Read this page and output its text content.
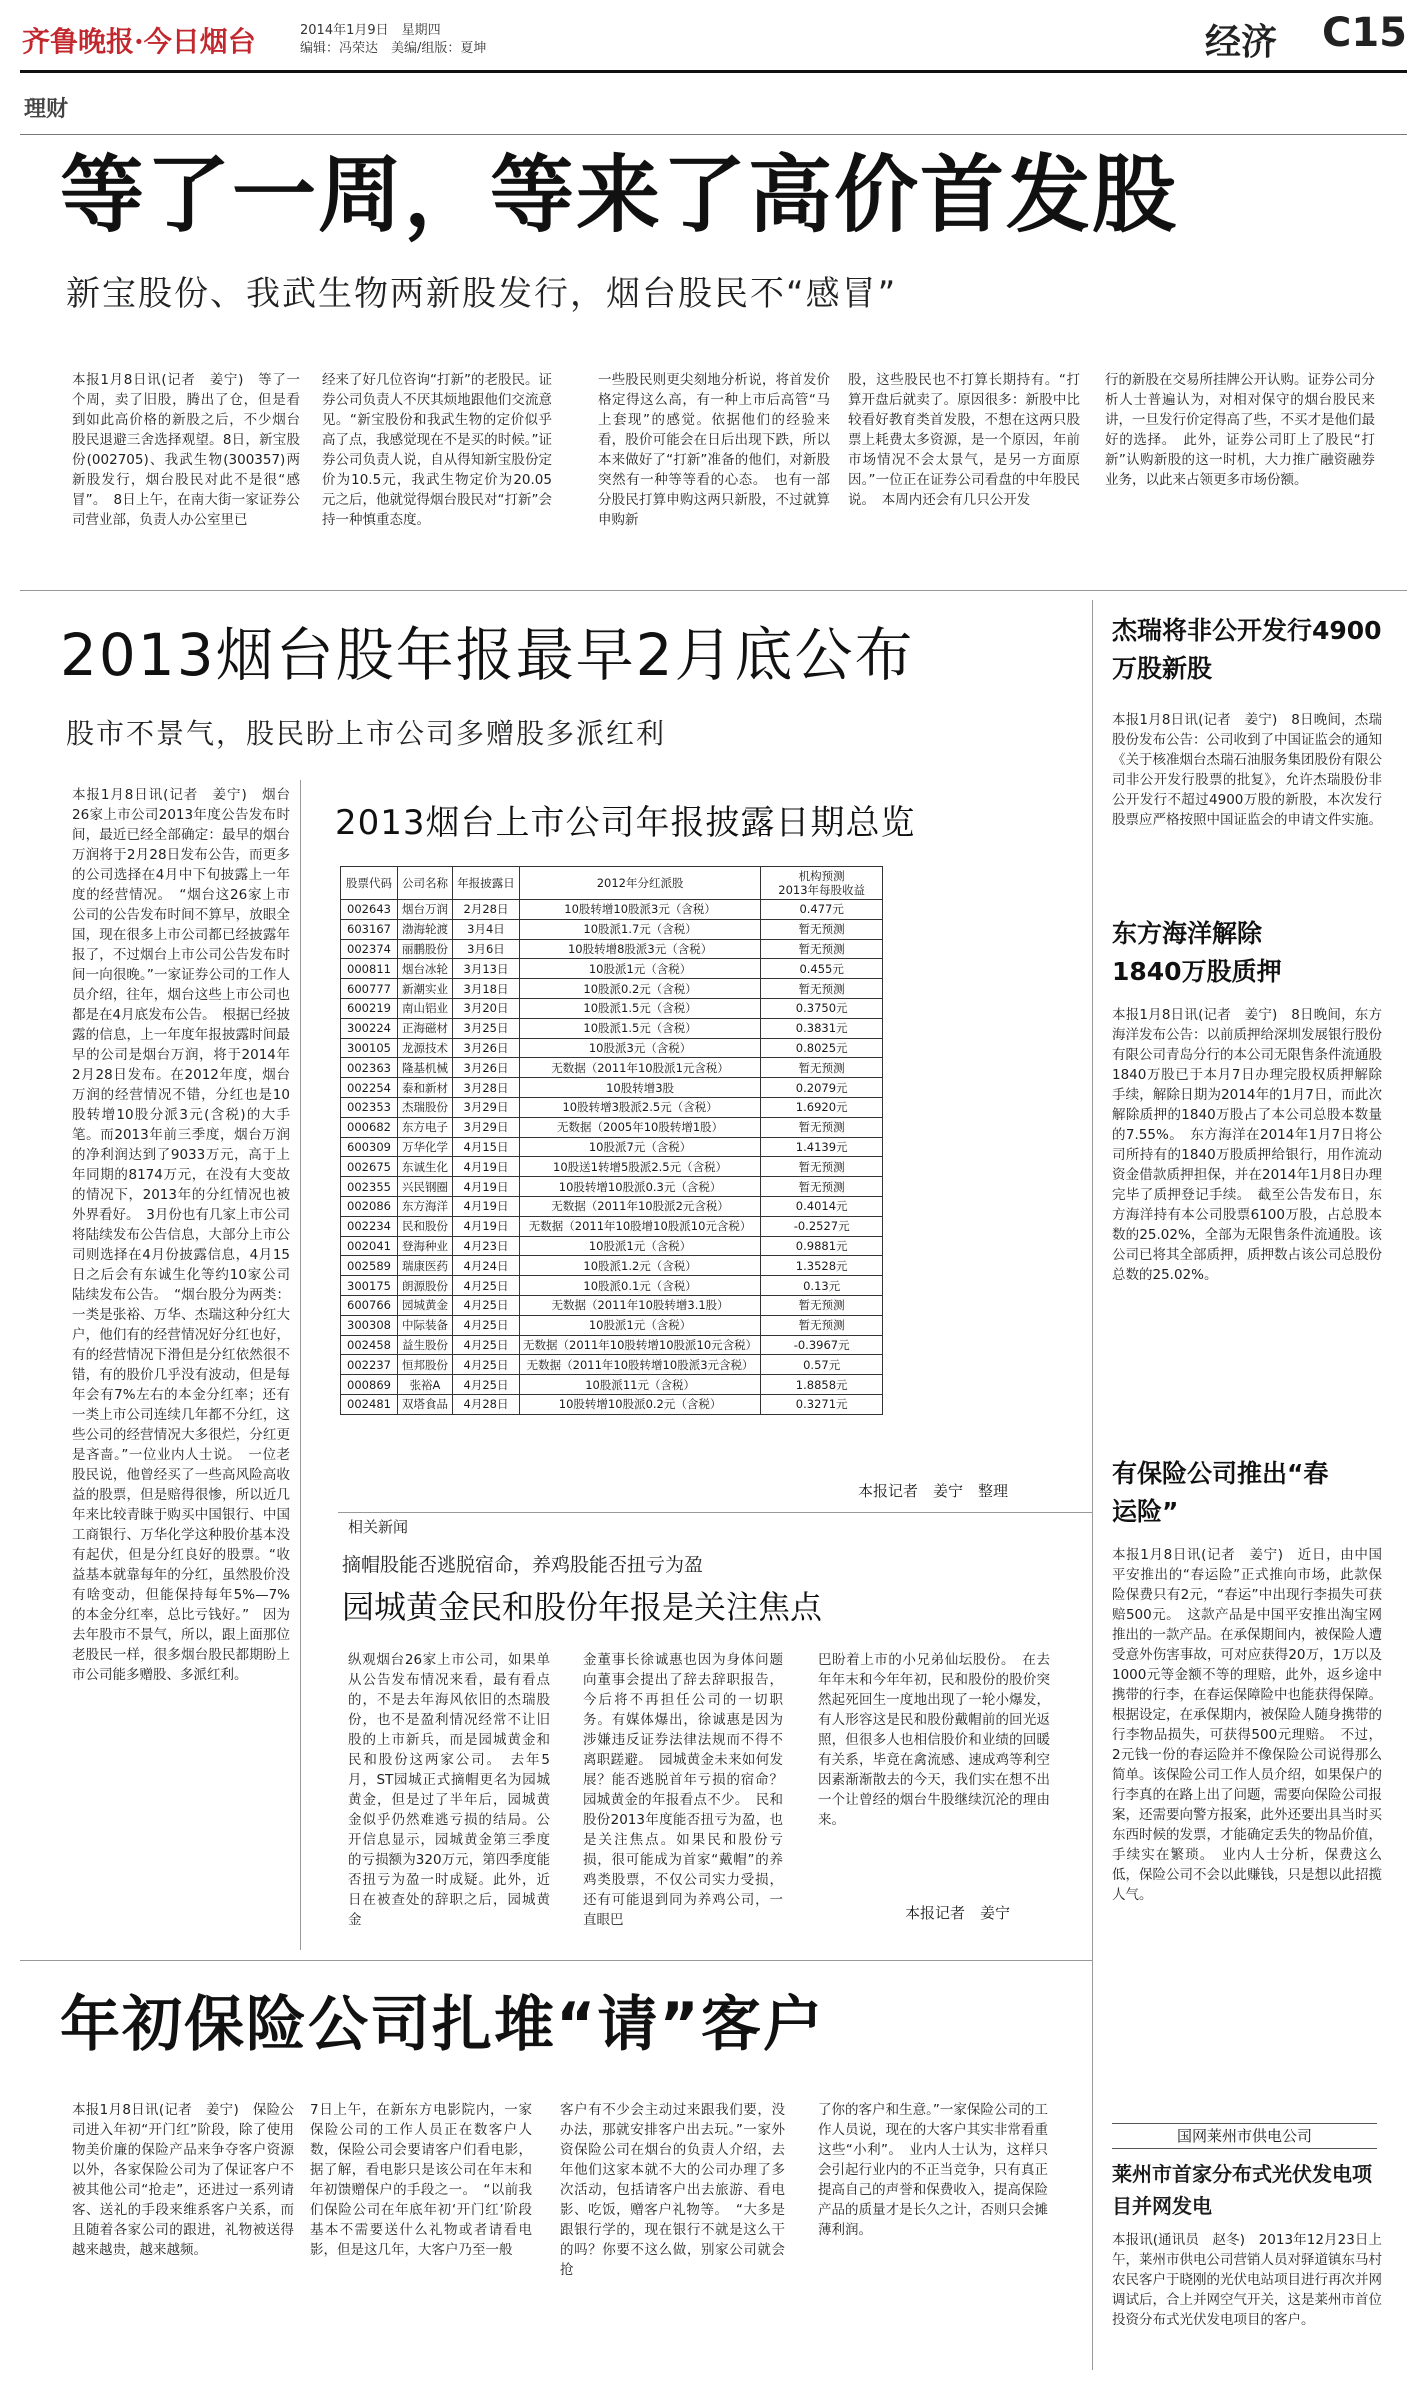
齐鲁晚报·今日烟台	2014年1月9日　星期四
编辑：冯荣达　美编/组版：夏坤	经济 C15
理财
等了一周，等来了高价首发股
新宝股份、我武生物两新股发行，烟台股民不“感冒”
本报1月8日讯(记者　姜宁)　等了一个周，卖了旧股，腾出了仓，但是看到如此高价格的新股之后，不少烟台股民退避三舍选择观望。8日，新宝股份(002705)、我武生物(300357)两新股发行，烟台股民对此不是很“感冒”。　8日上午，在南大街一家证券公司营业部，负责人办公室里已
经来了好几位咨询“打新”的老股民。证券公司负责人不厌其烦地跟他们交流意见。“新宝股份和我武生物的定价似乎高了点，我感觉现在不是买的时候。”证券公司负责人说，自从得知新宝股份定价为10.5元，我武生物定价为20.05元之后，他就觉得烟台股民对“打新”会持一种慎重态度。
一些股民则更尖刻地分析说，将首发价格定得这么高，有一种上市后高管“马上套现”的感觉。依据他们的经验来看，股价可能会在日后出现下跌，所以本来做好了“打新”准备的他们，对新股突然有一种等等看的心态。　也有一部分股民打算申购这两只新股，不过就算申购新
股，这些股民也不打算长期持有。“打算开盘后就卖了。原因很多：新股中比较看好教育类首发股，不想在这两只股票上耗费太多资源，是一个原因，年前市场情况不会太景气，是另一方面原因。”一位正在证券公司看盘的中年股民说。　本周内还会有几只公开发
行的新股在交易所挂牌公开认购。证券公司分析人士普遍认为，对相对保守的烟台股民来讲，一旦发行价定得高了些，不买才是他们最好的选择。　此外，证券公司盯上了股民“打新”认购新股的这一时机，大力推广融资融券业务，以此来占领更多市场份额。
2013烟台股年报最早2月底公布
股市不景气，股民盼上市公司多赠股多派红利
本报1月8日讯(记者　姜宁)　烟台26家上市公司2013年度公告发布时间，最近已经全部确定：最早的烟台万润将于2月28日发布公告，而更多的公司选择在4月中下旬披露上一年度的经营情况。　“烟台这26家上市公司的公告发布时间不算早，放眼全国，现在很多上市公司都已经披露年报了，不过烟台上市公司公告发布时间一向很晚。”一家证券公司的工作人员介绍，往年，烟台这些上市公司也都是在4月底发布公告。　根据已经披露的信息，上一年度年报披露时间最早的公司是烟台万润，将于2014年2月28日发布。在2012年度，烟台万润的经营情况不错，分红也是10股转增10股分派3元(含税)的大手笔。而2013年前三季度，烟台万润的净利润达到了9033万元，高于上年同期的8174万元，在没有大变故的情况下，2013年的分红情况也被外界看好。　3月份也有几家上市公司将陆续发布公告信息，大部分上市公司则选择在4月份披露信息，4月15日之后会有东诚生化等约10家公司陆续发布公告。　“烟台股分为两类：一类是张裕、万华、杰瑞这种分红大户，他们有的经营情况好分红也好，有的经营情况下滑但是分红依然很不错，有的股价几乎没有波动，但是每年会有7%左右的本金分红率；还有一类上市公司连续几年都不分红，这些公司的经营情况大多很烂，分红更是吝啬。”一位业内人士说。　一位老股民说，他曾经买了一些高风险高收益的股票，但是赔得很惨，所以近几年来比较青睐于购买中国银行、中国工商银行、万华化学这种股价基本没有起伏，但是分红良好的股票。“收益基本就靠每年的分红，虽然股价没有啥变动，但能保持每年5%—7%的本金分红率，总比亏钱好。”　因为去年股市不景气，所以，跟上面那位老股民一样，很多烟台股民都期盼上市公司能多赠股、多派红利。
2013烟台上市公司年报披露日期总览
股票代码	公司名称	年报披露日	2012年分红派股	机构预测
2013年每股收益
002643	烟台万润	2月28日	10股转增10股派3元（含税）	0.477元
603167	渤海轮渡	3月4日	10股派1.7元（含税）	暂无预测
002374	丽鹏股份	3月6日	10股转增8股派3元（含税）	暂无预测
000811	烟台冰轮	3月13日	10股派1元（含税）	0.455元
600777	新潮实业	3月18日	10股派0.2元（含税）	暂无预测
600219	南山铝业	3月20日	10股派1.5元（含税）	0.3750元
300224	正海磁材	3月25日	10股派1.5元（含税）	0.3831元
300105	龙源技术	3月26日	10股派3元（含税）	0.8025元
002363	隆基机械	3月26日	无数据（2011年10股派1元含税）	暂无预测
002254	泰和新材	3月28日	10股转增3股	0.2079元
002353	杰瑞股份	3月29日	10股转增3股派2.5元（含税）	1.6920元
000682	东方电子	3月29日	无数据（2005年10股转增1股）	暂无预测
600309	万华化学	4月15日	10股派7元（含税）	1.4139元
002675	东诚生化	4月19日	10股送1转增5股派2.5元（含税）	暂无预测
002355	兴民钢圈	4月19日	10股转增10股派0.3元（含税）	暂无预测
002086	东方海洋	4月19日	无数据（2011年10股派2元含税）	0.4014元
002234	民和股份	4月19日	无数据（2011年10股增10股派10元含税）	-0.2527元
002041	登海种业	4月23日	10股派1元（含税）	0.9881元
002589	瑞康医药	4月24日	10股派1.2元（含税）	1.3528元
300175	朗源股份	4月25日	10股派0.1元（含税）	0.13元
600766	园城黄金	4月25日	无数据（2011年10股转增3.1股）	暂无预测
300308	中际装备	4月25日	10股派1元（含税）	暂无预测
002458	益生股份	4月25日	无数据（2011年10股转增10股派10元含税）	-0.3967元
002237	恒邦股份	4月25日	无数据（2011年10股转增10股派3元含税）	0.57元
000869	张裕A	4月25日	10股派11元（含税）	1.8858元
002481	双塔食品	4月28日	10股转增10股派0.2元（含税）	0.3271元
本报记者　姜宁　整理
相关新闻
摘帽股能否逃脱宿命，养鸡股能否扭亏为盈
园城黄金民和股份年报是关注焦点
纵观烟台26家上市公司，如果单从公告发布情况来看，最有看点的，不是去年海风依旧的杰瑞股份，也不是盈利情况经常不让旧股的上市新兵，而是园城黄金和民和股份这两家公司。　去年5月，ST园城正式摘帽更名为园城黄金，但是过了半年后，园城黄金似乎仍然难逃亏损的结局。公开信息显示，园城黄金第三季度的亏损额为320万元，第四季度能否扭亏为盈一时成疑。此外，近日在被查处的辞职之后，园城黄金
金董事长徐诚惠也因为身体问题向董事会提出了辞去辞职报告，今后将不再担任公司的一切职务。有媒体爆出，徐诚惠是因为涉嫌违反证券法律法规而不得不离职蹉避。　园城黄金未来如何发展？能否逃脱首年亏损的宿命？园城黄金的年报看点不少。　民和股份2013年度能否扭亏为盈，也是关注焦点。如果民和股份亏损，很可能成为首家“戴帽”的养鸡类股票，不仅公司实力受损，还有可能退到同为养鸡公司，一直眼巴
巴盼着上市的小兄弟仙坛股份。　在去年年末和今年年初，民和股份的股价突然起死回生一度地出现了一轮小爆发，有人形容这是民和股份戴帽前的回光返照，但很多人也相信股价和业绩的回暖有关系，毕竟在禽流感、速成鸡等利空因素渐渐散去的今天，我们实在想不出一个让曾经的烟台牛股继续沉沦的理由来。
本报记者　姜宁
年初保险公司扎堆“请”客户
本报1月8日讯(记者　姜宁)　保险公司进入年初“开门红”阶段，除了使用物美价廉的保险产品来争夺客户资源以外，各家保险公司为了保证客户不被其他公司“抢走”，还进过一系列请客、送礼的手段来维系客户关系，而且随着各家公司的跟进，礼物被送得越来越贵，越来越频。
7日上午，在新东方电影院内，一家保险公司的工作人员正在数客户人数，保险公司会要请客户们看电影，据了解，看电影只是该公司在年末和年初馈赠保户的手段之一。　“以前我们保险公司在年底年初‘开门红’阶段基本不需要送什么礼物或者请看电影，但是这几年，大客户乃至一般
客户有不少会主动过来跟我们要，没办法，那就安排客户出去玩。”一家外资保险公司在烟台的负责人介绍，去年他们这家本就不大的公司办理了多次活动，包括请客户出去旅游、看电影、吃饭，赠客户礼物等。　“大多是跟银行学的，现在银行不就是这么干的吗？你要不这么做，别家公司就会抢
了你的客户和生意。”一家保险公司的工作人员说，现在的大客户其实非常看重这些“小利”。　业内人士认为，这样只会引起行业内的不正当竞争，只有真正提高自己的声誉和保费收入，提高保险产品的质量才是长久之计，否则只会摊薄利润。
杰瑞将非公开发行4900万股新股
本报1月8日讯(记者　姜宁)　8日晚间，杰瑞股份发布公告：公司收到了中国证监会的通知《关于核准烟台杰瑞石油服务集团股份有限公司非公开发行股票的批复》，允许杰瑞股份非公开发行不超过4900万股的新股，本次发行股票应严格按照中国证监会的申请文件实施。
东方海洋解除1840万股质押
本报1月8日讯(记者　姜宁)　8日晚间，东方海洋发布公告：以前质押给深圳发展银行股份有限公司青岛分行的本公司无限售条件流通股1840万股已于本月7日办理完股权质押解除手续，解除日期为2014年的1月7日，而此次解除质押的1840万股占了本公司总股本数量的7.55%。　东方海洋在2014年1月7日将公司所持有的1840万股质押给银行，用作流动资金借款质押担保，并在2014年1月8日办理完毕了质押登记手续。　截至公告发布日，东方海洋持有本公司股票6100万股，占总股本数的25.02%，全部为无限售条件流通股。该公司已将其全部质押，质押数占该公司总股份总数的25.02%。
有保险公司推出“春运险”
本报1月8日讯(记者　姜宁)　近日，由中国平安推出的“春运险”正式推向市场，此款保险保费只有2元，“春运”中出现行李损失可获赔500元。　这款产品是中国平安推出淘宝网推出的一款产品。在承保期间内，被保险人遭受意外伤害事故，可对应获得20万，1万以及1000元等金额不等的理赔，此外，返乡途中携带的行李，在春运保障险中也能获得保障。根据设定，在承保期内，被保险人随身携带的行李物品损失，可获得500元理赔。　不过，2元钱一份的春运险并不像保险公司说得那么简单。该保险公司工作人员介绍，如果保户的行李真的在路上出了问题，需要向保险公司报案，还需要向警方报案，此外还要出具当时买东西时候的发票，才能确定丢失的物品价值，手续实在繁琐。　业内人士分析，保费这么低，保险公司不会以此赚钱，只是想以此招揽人气。
国网莱州市供电公司
莱州市首家分布式光伏发电项目并网发电
本报讯(通讯员　赵冬)　2013年12月23日上午，莱州市供电公司营销人员对驿道镇东马村农民客户于晓刚的光伏电站项目进行再次并网调试后，合上并网空气开关，这是莱州市首位投资分布式光伏发电项目的客户。
